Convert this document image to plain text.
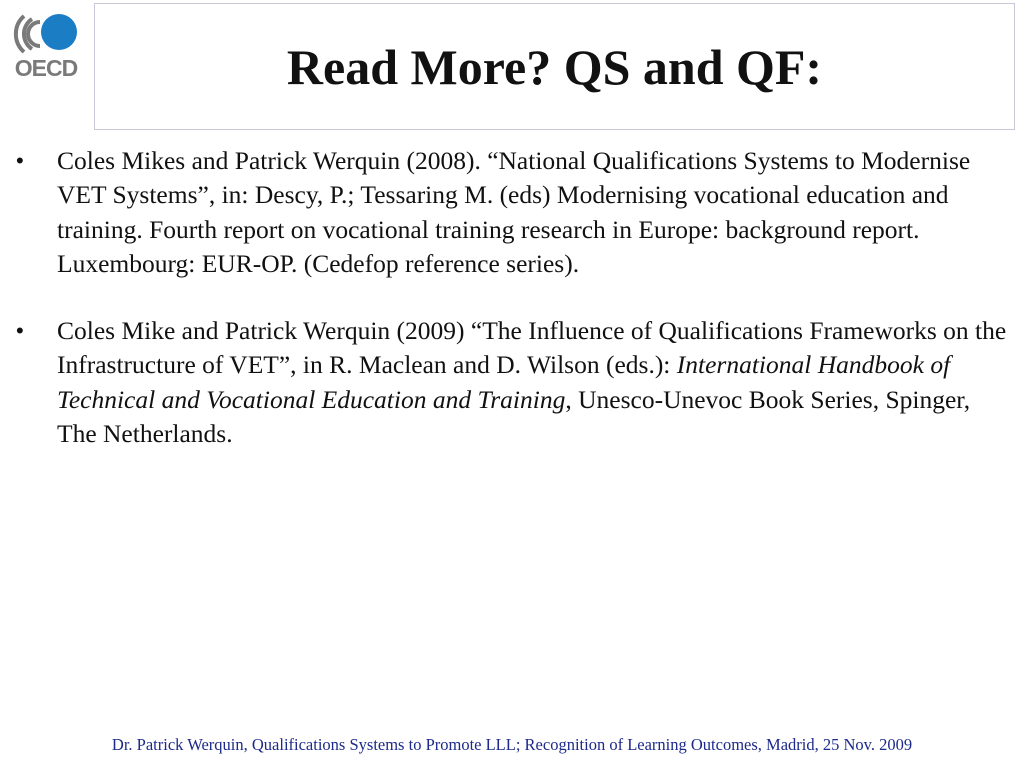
OECD	Read More? QS and QF:
• Coles Mikes and Patrick Werquin (2008). “National Qualifications Systems to Modernise VET Systems”, in: Descy, P.; Tessaring M. (eds) Modernising vocational education and training. Fourth report on vocational training research in Europe: background report. Luxembourg: EUR-OP. (Cedefop reference series).
• Coles Mike and Patrick Werquin (2009) “The Influence of Qualifications Frameworks on the Infrastructure of VET”, in R. Maclean and D. Wilson (eds.): International Handbook of Technical and Vocational Education and Training, Unesco-Unevoc Book Series, Spinger, The Netherlands.
Dr. Patrick Werquin, Qualifications Systems to Promote LLL; Recognition of Learning Outcomes, Madrid, 25 Nov. 2009
